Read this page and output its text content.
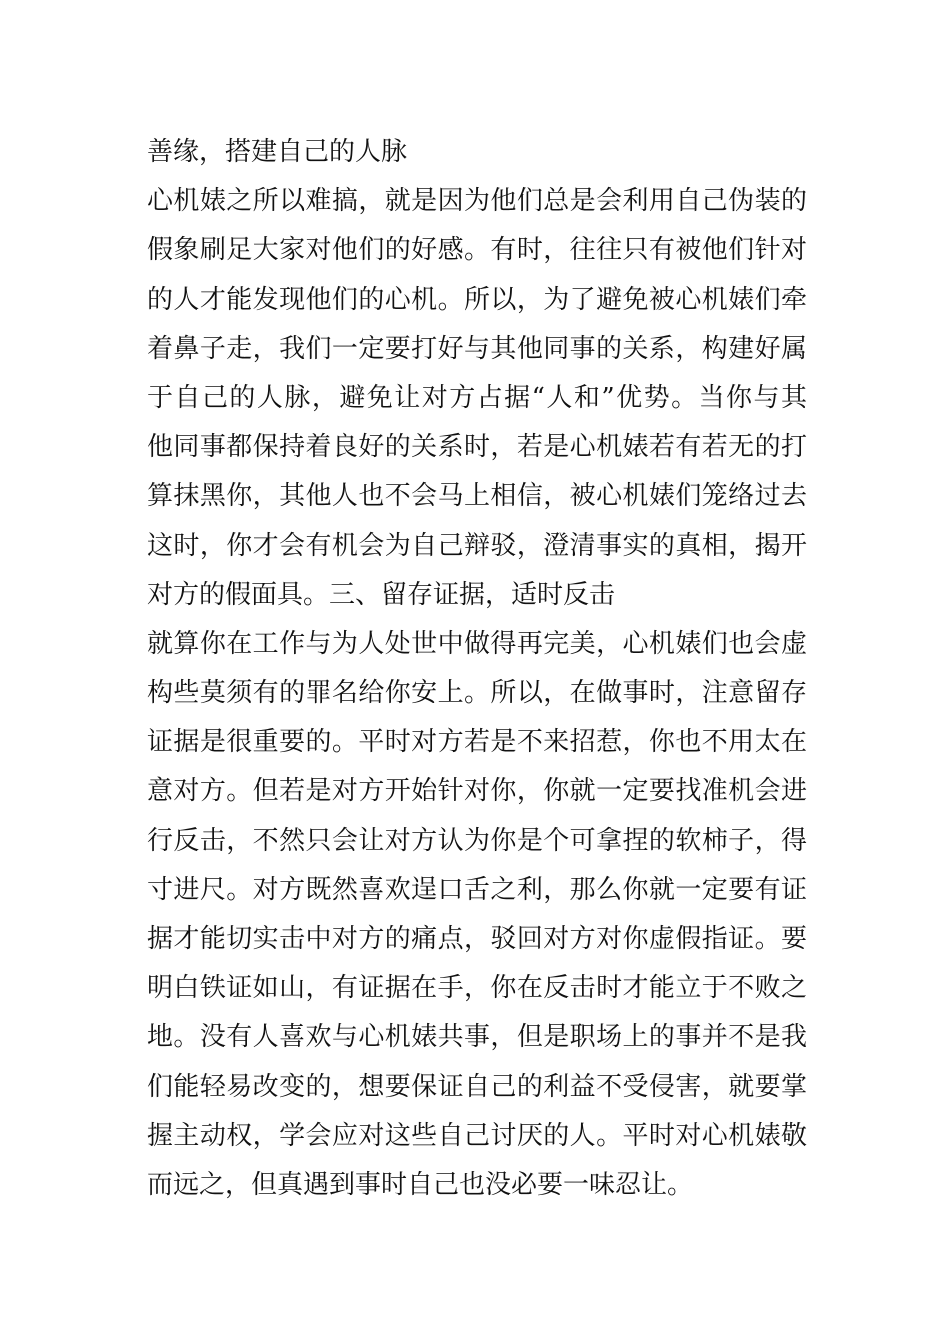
善缘，搭建自己的人脉
心机婊之所以难搞，就是因为他们总是会利用自己伪装的
假象刷足大家对他们的好感。有时，往往只有被他们针对
的人才能发现他们的心机。所以，为了避免被心机婊们牵
着鼻子走，我们一定要打好与其他同事的关系，构建好属
于自己的人脉，避免让对方占据“人和”优势。当你与其
他同事都保持着良好的关系时，若是心机婊若有若无的打
算抹黑你，其他人也不会马上相信，被心机婊们笼络过去
这时，你才会有机会为自己辩驳，澄清事实的真相，揭开
对方的假面具。三、留存证据，适时反击
就算你在工作与为人处世中做得再完美，心机婊们也会虚
构些莫须有的罪名给你安上。所以，在做事时，注意留存
证据是很重要的。平时对方若是不来招惹，你也不用太在
意对方。但若是对方开始针对你，你就一定要找准机会进
行反击，不然只会让对方认为你是个可拿捏的软柿子，得
寸进尺。对方既然喜欢逞口舌之利，那么你就一定要有证
据才能切实击中对方的痛点，驳回对方对你虚假指证。要
明白铁证如山，有证据在手，你在反击时才能立于不败之
地。没有人喜欢与心机婊共事，但是职场上的事并不是我
们能轻易改变的，想要保证自己的利益不受侵害，就要掌
握主动权，学会应对这些自己讨厌的人。平时对心机婊敬
而远之，但真遇到事时自己也没必要一味忍让。
